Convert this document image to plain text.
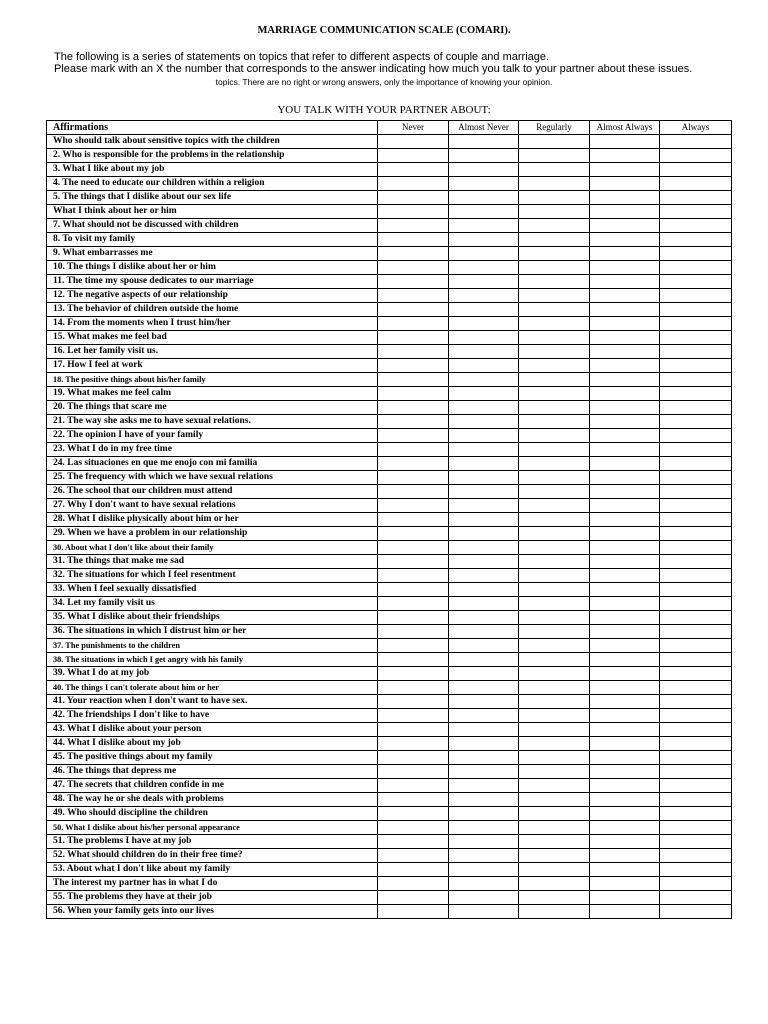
MARRIAGE COMMUNICATION SCALE (COMARI).
The following is a series of statements on topics that refer to different aspects of couple and marriage.
Please mark with an X the number that corresponds to the answer indicating how much you talk to your partner about these issues.
topics. There are no right or wrong answers, only the importance of knowing your opinion.
YOU TALK WITH YOUR PARTNER ABOUT:
Affirmations	Never	Almost Never	Regularly	Almost Always	Always
Who should talk about sensitive topics with the children					
2. Who is responsible for the problems in the relationship					
3. What I like about my job					
4. The need to educate our children within a religion					
5. The things that I dislike about our sex life					
What I think about her or him					
7. What should not be discussed with children					
8. To visit my family					
9. What embarrasses me					
10. The things I dislike about her or him					
11. The time my spouse dedicates to our marriage					
12. The negative aspects of our relationship					
13. The behavior of children outside the home					
14. From the moments when I trust him/her					
15. What makes me feel bad					
16. Let her family visit us.					
17. How I feel at work					
18. The positive things about his/her family					
19. What makes me feel calm					
20. The things that scare me					
21. The way she asks me to have sexual relations.					
22. The opinion I have of your family					
23. What I do in my free time					
24. Las situaciones en que me enojo con mi familia					
25. The frequency with which we have sexual relations					
26. The school that our children must attend					
27. Why I don't want to have sexual relations					
28. What I dislike physically about him or her					
29. When we have a problem in our relationship					
30. About what I don't like about their family					
31. The things that make me sad					
32. The situations for which I feel resentment					
33. When I feel sexually dissatisfied					
34. Let my family visit us					
35. What I dislike about their friendships					
36. The situations in which I distrust him or her					
37. The punishments to the children					
38. The situations in which I get angry with his family					
39. What I do at my job					
40. The things I can't tolerate about him or her					
41. Your reaction when I don't want to have sex.					
42. The friendships I don't like to have					
43. What I dislike about your person					
44. What I dislike about my job					
45. The positive things about my family					
46. The things that depress me					
47. The secrets that children confide in me					
48. The way he or she deals with problems					
49. Who should discipline the children					
50. What I dislike about his/her personal appearance					
51. The problems I have at my job					
52. What should children do in their free time?					
53. About what I don't like about my family					
The interest my partner has in what I do					
55. The problems they have at their job					
56. When your family gets into our lives					
